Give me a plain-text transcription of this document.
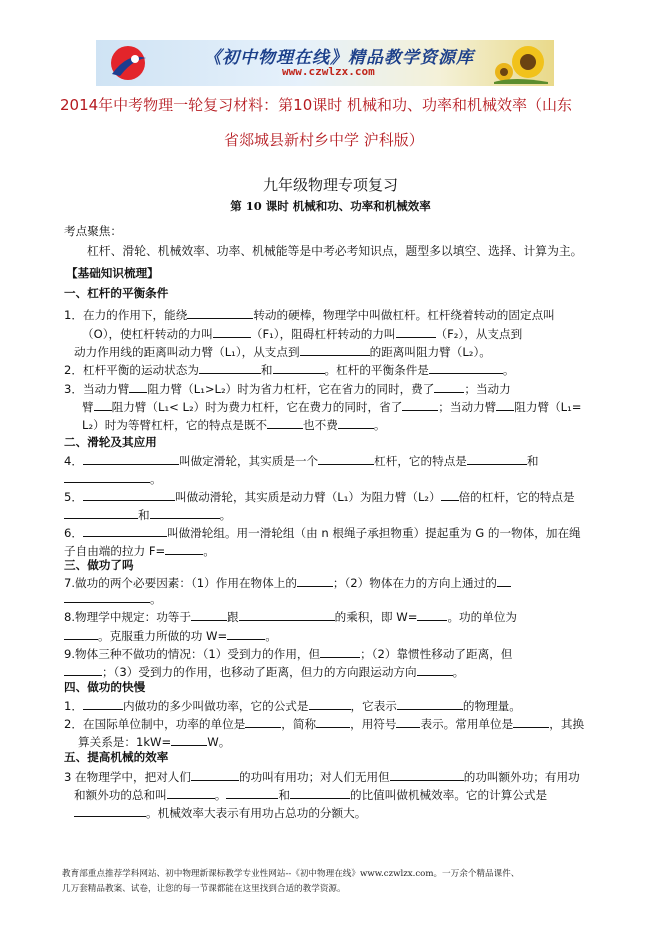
《初中物理在线》精品教学资源库
www.czwlzx.com
2014年中考物理一轮复习材料：第10课时 机械和功、功率和机械效率（山东
省郯城县新村乡中学 沪科版）
九年级物理专项复习
第 10 课时 机械和功、功率和机械效率
考点聚焦：
杠杆、滑轮、机械效率、功率、机械能等是中考必考知识点，题型多以填空、选择、计算为主。
【基础知识梳理】
一、杠杆的平衡条件
1．在力的作用下，能绕	转动的硬棒，物理学中叫做杠杆。杠杆绕着转动的固定点叫
（O），使杠杆转动的力叫	（F₁），阻碍杠杆转动的力叫	（F₂），从支点到
动力作用线的距离叫动力臂（L₁），从支点到	的距离叫阻力臂（L₂）。
2．杠杆平衡的运动状态为	和	。杠杆的平衡条件是	。
3．当动力臂 阻力臂（L₁>L₂）时为省力杠杆，它在省力的同时，费了	；当动力
臂 阻力臂（L₁< L₂）时为费力杠杆，它在费力的同时，省了	；当动力臂 阻力臂（L₁=
L₂）时为等臂杠杆，它的特点是既不	也不费	。
二、滑轮及其应用
4．	叫做定滑轮，其实质是一个	杠杆，它的特点是	和
。
5．	叫做动滑轮，其实质是动力臂（L₁）为阻力臂（L₂） 倍的杠杆，它的特点是
和	。
6．	叫做滑轮组。用一滑轮组（由 n 根绳子承担物重）提起重为 G 的一物体，加在绳
子自由端的拉力 F=	。
三、做功了吗
7.做功的两个必要因素：（1）作用在物体上的	；（2）物体在力的方向上通过的
。
8.物理学中规定：功等于	跟	的乘积，即 W=	。功的单位为
。克服重力所做的功 W=	。
9.物体三种不做功的情况：（1）受到力的作用，但	；（2）靠惯性移动了距离，但
；（3）受到力的作用，也移动了距离，但力的方向跟运动方向	。
四、做功的快慢
1．	内做功的多少叫做功率，它的公式是	，它表示	的物理量。
2．在国际单位制中，功率的单位是	，简称	，用符号 表示。常用单位是	，其换
算关系是：1kW=	W。
五、提高机械的效率
3 在物理学中，把对人们	的功叫有用功；对人们无用但	的功叫额外功；有用功
和额外功的总和叫	。	和	的比值叫做机械效率。它的计算公式是
。机械效率大表示有用功占总功的分额大。
教育部重点推荐学科网站、初中物理新课标教学专业性网站--《初中物理在线》www.czwlzx.com。一万余个精品课件、
几万套精品教案、试卷，让您的每一节课都能在这里找到合适的教学资源。
